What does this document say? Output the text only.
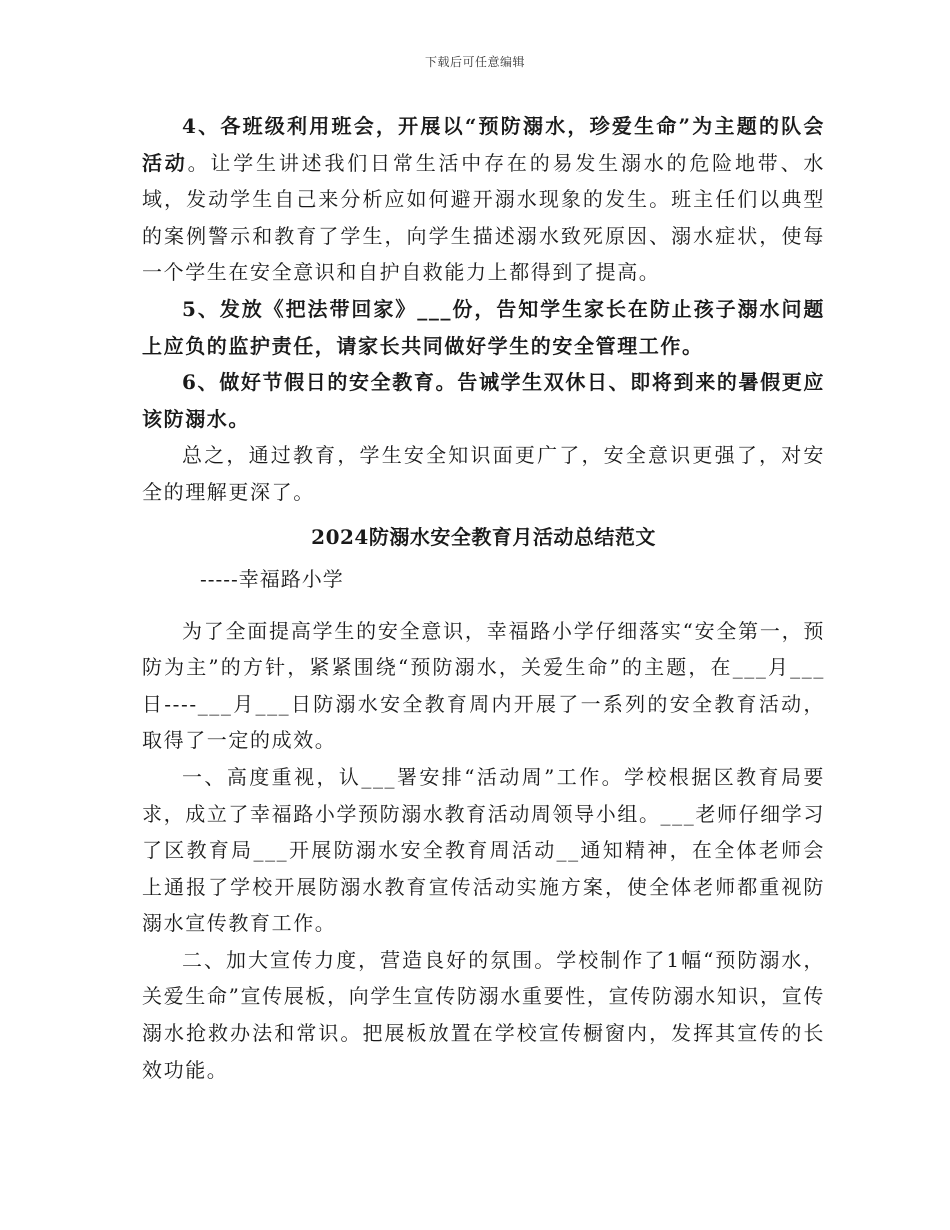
下载后可任意编辑

4、各班级利用班会，开展以“预防溺水，珍爱生命”为主题的队会活动。让学生讲述我们日常生活中存在的易发生溺水的危险地带、水域，发动学生自己来分析应如何避开溺水现象的发生。班主任们以典型的案例警示和教育了学生，向学生描述溺水致死原因、溺水症状，使每一个学生在安全意识和自护自救能力上都得到了提高。

5、发放《把法带回家》___份，告知学生家长在防止孩子溺水问题上应负的监护责任，请家长共同做好学生的安全管理工作。

6、做好节假日的安全教育。告诫学生双休日、即将到来的暑假更应该防溺水。

总之，通过教育，学生安全知识面更广了，安全意识更强了，对安全的理解更深了。

2024防溺水安全教育月活动总结范文

-----幸福路小学

为了全面提高学生的安全意识，幸福路小学仔细落实“安全第一，预防为主”的方针，紧紧围绕“预防溺水，关爱生命”的主题，在___月___日----___月___日防溺水安全教育周内开展了一系列的安全教育活动，取得了一定的成效。

一、高度重视，认___署安排“活动周”工作。学校根据区教育局要求，成立了幸福路小学预防溺水教育活动周领导小组。___老师仔细学习了区教育局___开展防溺水安全教育周活动__通知精神，在全体老师会上通报了学校开展防溺水教育宣传活动实施方案，使全体老师都重视防溺水宣传教育工作。

二、加大宣传力度，营造良好的氛围。学校制作了1幅“预防溺水，关爱生命”宣传展板，向学生宣传防溺水重要性，宣传防溺水知识，宣传溺水抢救办法和常识。把展板放置在学校宣传橱窗内，发挥其宣传的长效功能。
